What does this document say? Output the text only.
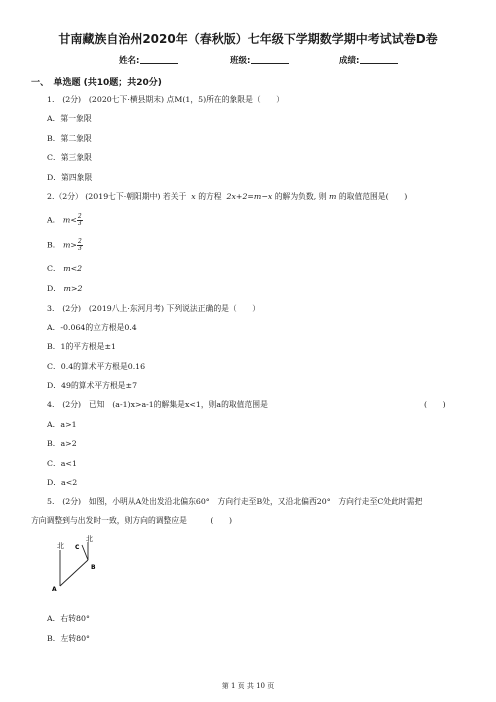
甘南藏族自治州2020年（春秋版）七年级下学期数学期中考试试卷D卷
姓名:	班级:	成绩:
一、　单选题 (共10题；共20分)
1.　(2分)　(2020七下·横县期末) 点M(1，5)所在的象限是（　　）
A．第一象限
B．第二象限
C．第三象限
D．第四象限
2.（2分） (2019七下·朝阳期中) 若关于 x 的方程 2x+2=m−x 的解为负数, 则 m 的取值范围是(　　)
A． $m< \frac{2}{3}$
B． $m> \frac{2}{3}$
C． m<2
D． m>2
3.　(2分)　(2019八上·东河月考) 下列说法正确的是（　　）
A．-0.064的立方根是0.4
B．1的平方根是±1
C．0.4的算术平方根是0.16
D．49的算术平方根是±7
4.　(2分)　已知　(a-1)x>a-1的解集是x<1，则a的取值范围是	(　　)
A．a>1
B．a>2
C．a<1
D．a<2
5.　(2分)　如图，小明从A处出发沿北偏东60°　方向行走至B处，又沿北偏西20°　方向行走至C处此时需把
方向调整到与出发时一致，则方向的调整应是　　　(　　)
北
北
A
B
C
A．右转80°
B．左转80°
第 1 页 共 10 页
